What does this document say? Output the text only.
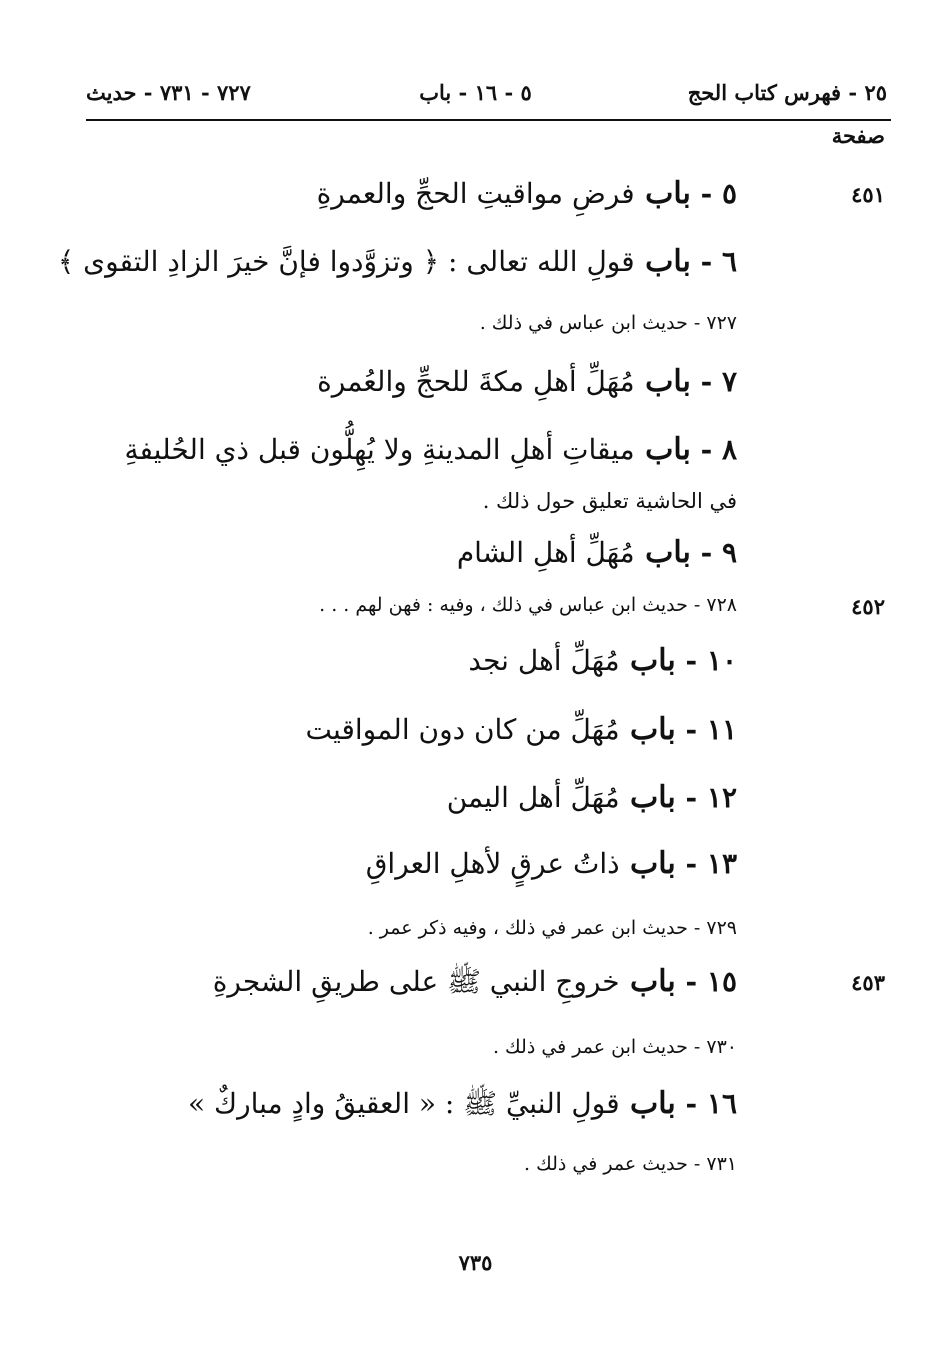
٢٥ - فهرس كتاب الحج
٥ - ١٦ - باب
٧٢٧ - ٧٣١ - حديث
صفحة
٥ - باب فرضِ مواقيتِ الحجِّ والعمرةِ	٤٥١
٦ - باب قولِ الله تعالى : ﴿ وتزوَّدوا فإنَّ خيرَ الزادِ التقوى ﴾
٧٢٧ - حديث ابن عباس في ذلك .
٧ - باب مُهَلِّ أهلِ مكةَ للحجِّ والعُمرة
٨ - باب ميقاتِ أهلِ المدينةِ ولا يُهِلُّون قبل ذي الحُليفةِ
في الحاشية تعليق حول ذلك .
٩ - باب مُهَلِّ أهلِ الشام
٧٢٨ - حديث ابن عباس في ذلك ، وفيه : فهن لهم . . .	٤٥٢
١٠ - باب مُهَلِّ أهل نجد
١١ - باب مُهَلِّ من كان دون المواقيت
١٢ - باب مُهَلِّ أهل اليمن
١٣ - باب ذاتُ عرقٍ لأهلِ العراقِ
٧٢٩ - حديث ابن عمر في ذلك ، وفيه ذكر عمر .
١٥ - باب خروجِ النبي ﷺ على طريقِ الشجرةِ	٤٥٣
٧٣٠ - حديث ابن عمر في ذلك .
١٦ - باب قولِ النبيِّ ﷺ : « العقيقُ وادٍ مباركٌ »
٧٣١ - حديث عمر في ذلك .
٧٣٥
